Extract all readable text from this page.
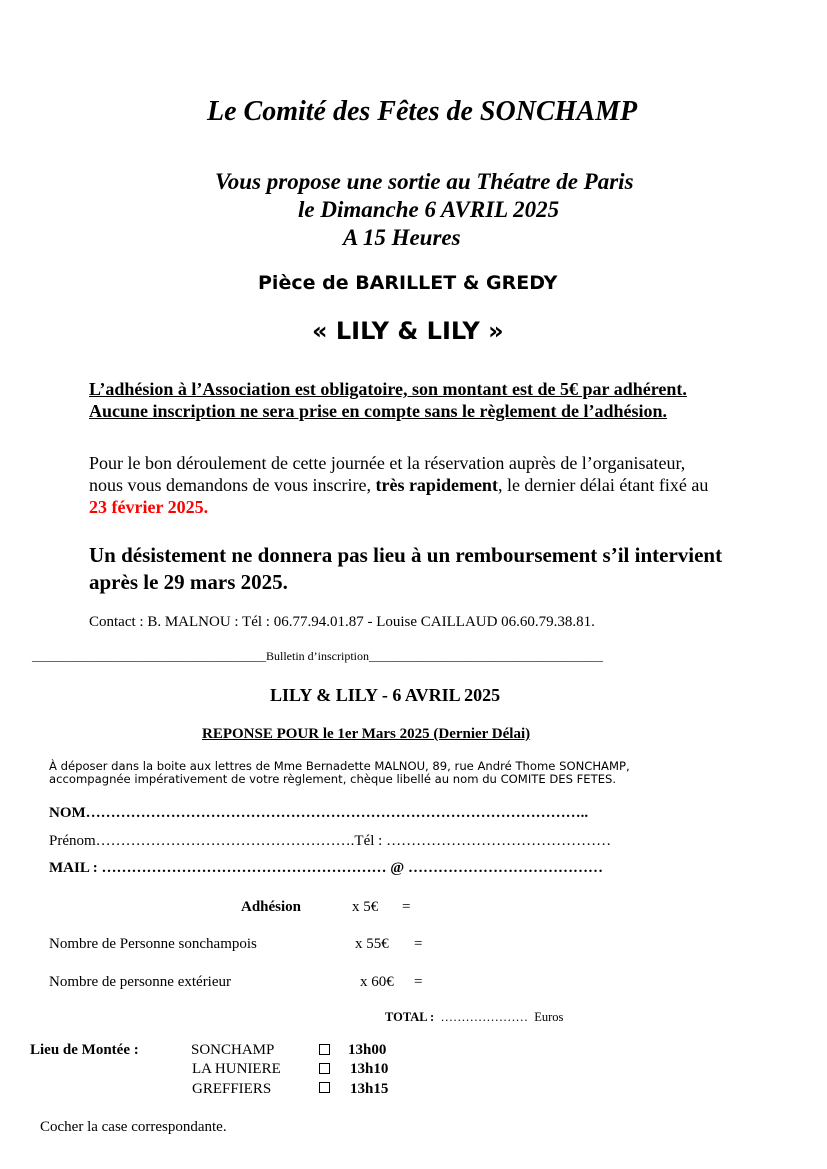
Le Comité des Fêtes de SONCHAMP
Vous propose une sortie au Théatre de Paris
le Dimanche 6 AVRIL 2025
A 15 Heures
Pièce de BARILLET & GREDY
« LILY & LILY »
L’adhésion à l’Association est obligatoire, son montant est de 5€ par adhérent.
Aucune inscription ne sera prise en compte sans le règlement de l’adhésion.
Pour le bon déroulement de cette journée et la réservation auprès de l’organisateur,
nous vous demandons de vous inscrire, très rapidement, le dernier délai étant fixé au
23 février 2025.
Un désistement ne donnera pas lieu à un remboursement s’il intervient
après le 29 mars 2025.
Contact : B. MALNOU : Tél : 06.77.94.01.87 - Louise CAILLAUD 06.60.79.38.81.
_______________________________________Bulletin d’inscription_______________________________________
LILY & LILY - 6 AVRIL 2025
REPONSE POUR le 1er Mars 2025 (Dernier Délai)
À déposer dans la boite aux lettres de Mme Bernadette MALNOU, 89, rue André Thome SONCHAMP,
accompagnée impérativement de votre règlement, chèque libellé au nom du COMITE DES FETES.
NOM………………………………………………………………………………………..
Prénom…………………………………………….Tél : ………………………………………
MAIL : ………………………………………………… @ …………………………………
Adhésion	x 5€ =
Nombre de Personne sonchampois	x 55€ =
Nombre de personne extérieur	x 60€ =
TOTAL : ………………… Euros
Lieu de Montée :	SONCHAMP	13h00
LA HUNIERE	13h10
GREFFIERS	13h15
Cocher la case correspondante.
